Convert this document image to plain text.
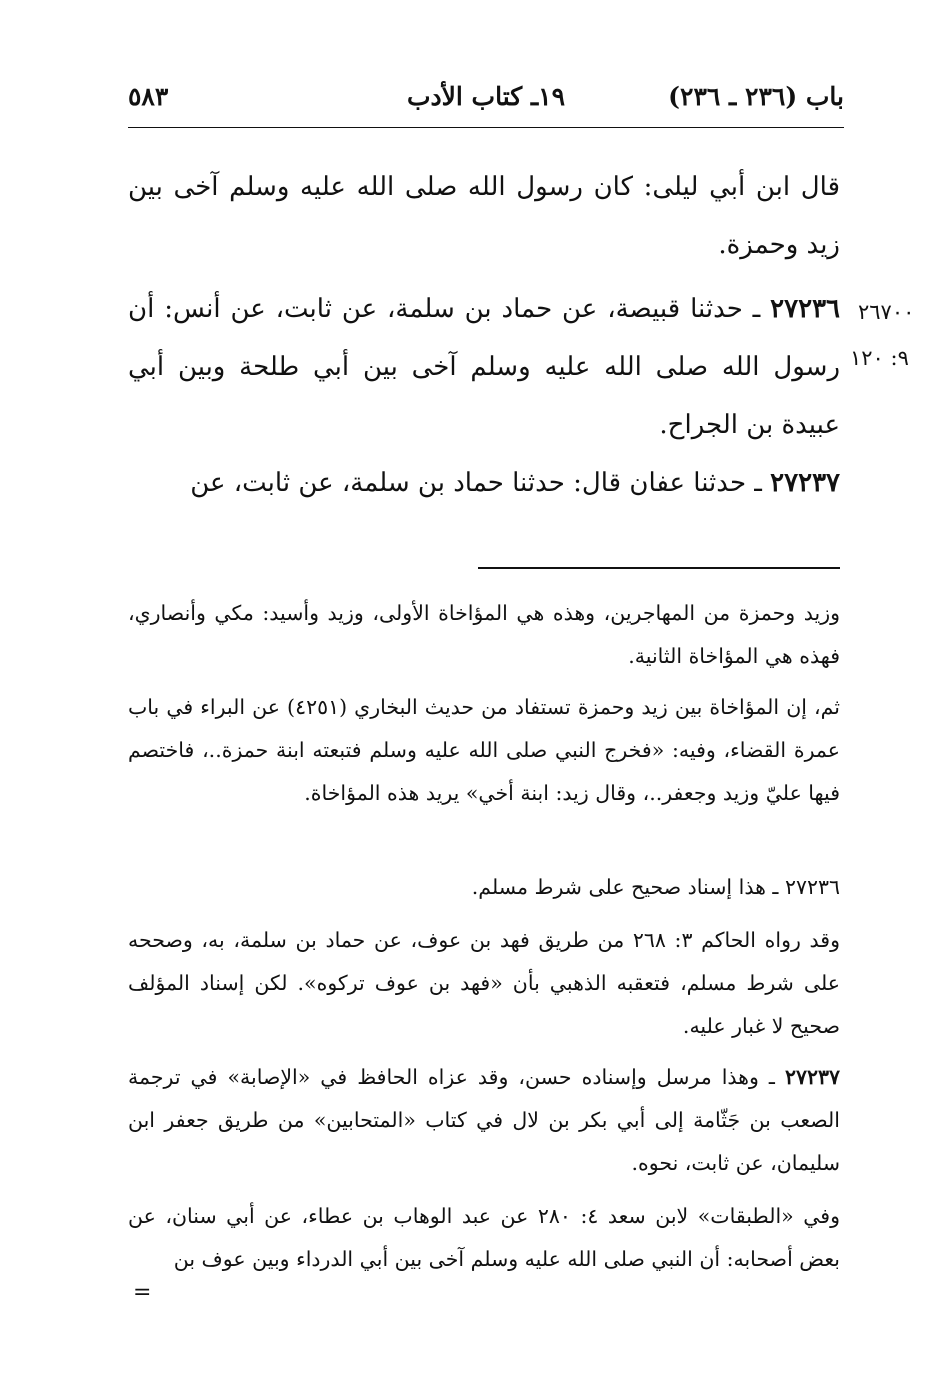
باب (٢٣٦ ـ ٢٣٦)
١٩ـ كتاب الأدب
٥٨٣

قال ابن أبي ليلى: كان رسول الله صلى الله عليه وسلم آخى بين زيد وحمزة.

٢٧٢٣٦ ـ حدثنا قبيصة، عن حماد بن سلمة، عن ثابت، عن أنس: أن رسول الله صلى الله عليه وسلم آخى بين أبي طلحة وبين أبي عبيدة بن الجراح.

٢٦٧٠٠
٩: ١٢٠

٢٧٢٣٧ ـ حدثنا عفان قال: حدثنا حماد بن سلمة، عن ثابت، عن

وزيد وحمزة من المهاجرين، وهذه هي المؤاخاة الأولى، وزيد وأسيد: مكي وأنصاري، فهذه هي المؤاخاة الثانية.

ثم، إن المؤاخاة بين زيد وحمزة تستفاد من حديث البخاري (٤٢٥١) عن البراء في باب عمرة القضاء، وفيه: «فخرج النبي صلى الله عليه وسلم فتبعته ابنة حمزة..، فاختصم فيها عليّ وزيد وجعفر..، وقال زيد: ابنة أخي» يريد هذه المؤاخاة.

٢٧٢٣٦ ـ هذا إسناد صحيح على شرط مسلم.

وقد رواه الحاكم ٣: ٢٦٨ من طريق فهد بن عوف، عن حماد بن سلمة، به، وصححه على شرط مسلم، فتعقبه الذهبي بأن «فهد بن عوف تركوه». لكن إسناد المؤلف صحيح لا غبار عليه.

٢٧٢٣٧ ـ وهذا مرسل وإسناده حسن، وقد عزاه الحافظ في «الإصابة» في ترجمة الصعب بن جَثّامة إلى أبي بكر بن لال في كتاب «المتحابين» من طريق جعفر ابن سليمان، عن ثابت، نحوه.

وفي «الطبقات» لابن سعد ٤: ٢٨٠ عن عبد الوهاب بن عطاء، عن أبي سنان، عن بعض أصحابه: أن النبي صلى الله عليه وسلم آخى بين أبي الدرداء وبين عوف بن

=
